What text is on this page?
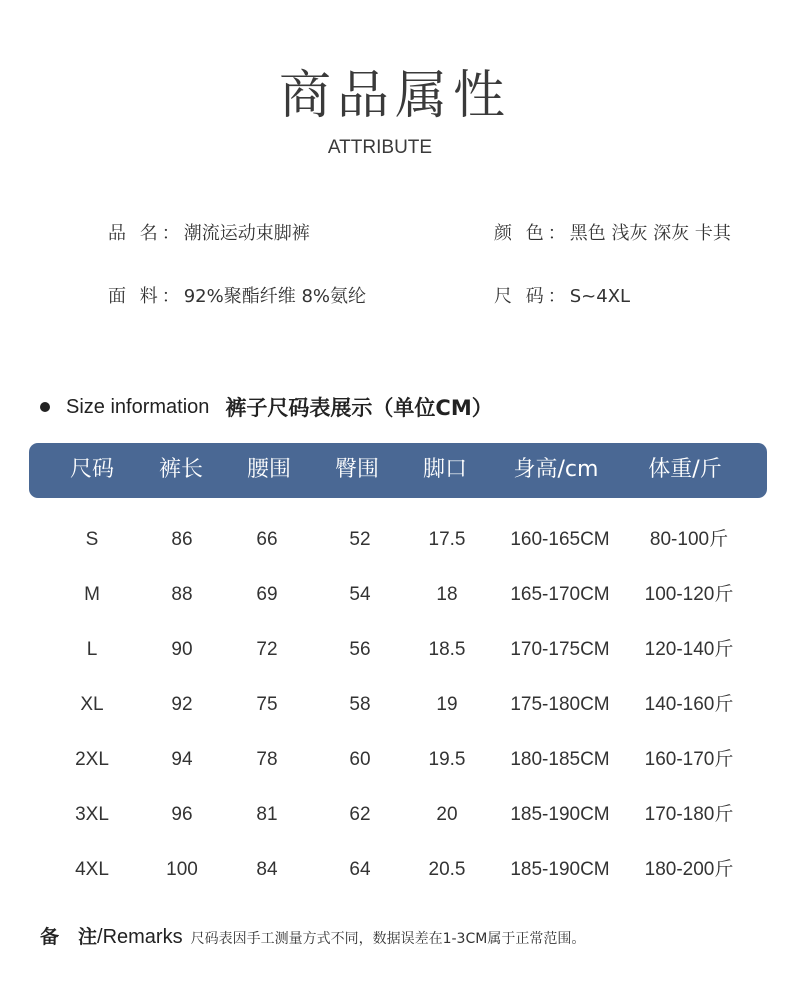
商品属性
ATTRIBUTE
品 名：潮流运动束脚裤	颜 色：黑色 浅灰 深灰 卡其
面 料：92%聚酯纤维 8%氨纶	尺 码：S~4XL
Size information 裤子尺码表展示（单位CM）
尺码 裤长 腰围 臀围 脚口 身高/cm 体重/斤
S	86	66	52	17.5 160-165CM 80-100斤
M	88	69	54	18	165-170CM 100-120斤
L	90	72	56	18.5 170-175CM 120-140斤
XL	92	75	58	19	175-180CM 140-160斤
2XL	94	78	60	19.5 180-185CM 160-170斤
3XL	96	81	62	20	185-190CM 170-180斤
4XL	100	84	64	20.5 185-190CM 180-200斤
备　注 /Remarks 尺码表因手工测量方式不同，数据误差在1-3CM属于正常范围。
